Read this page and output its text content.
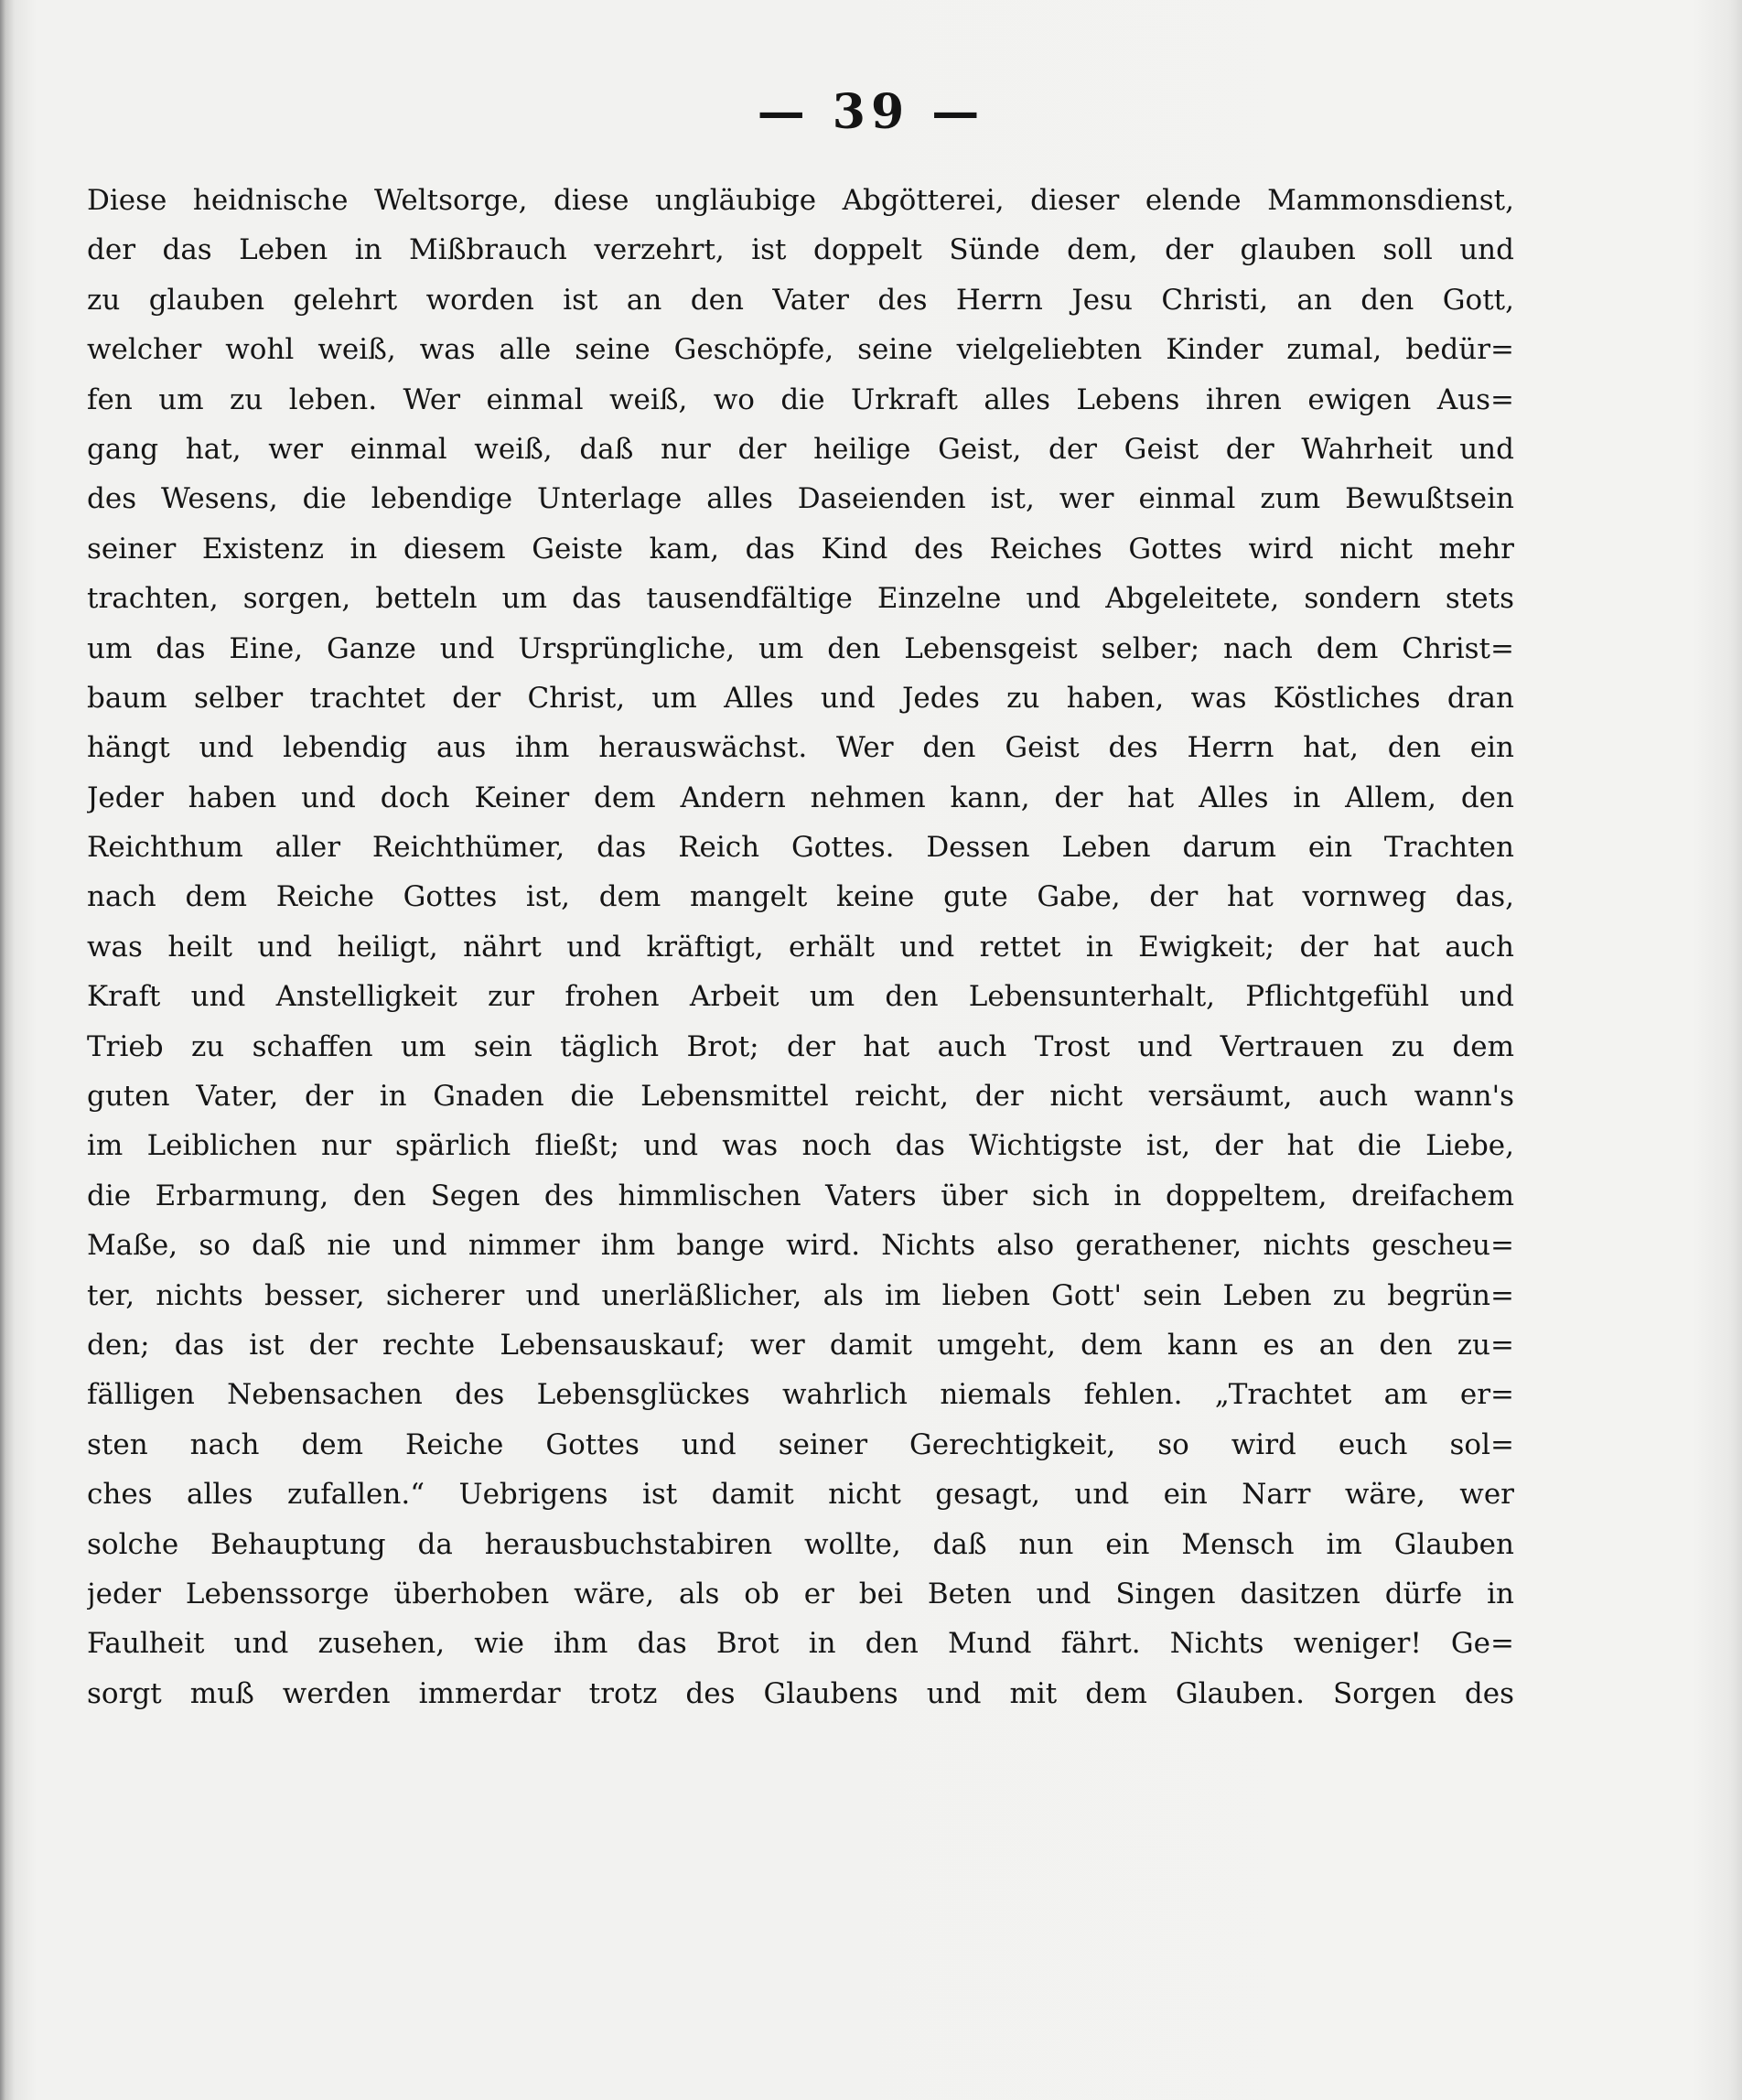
— 39 —
Diese heidnische Weltsorge, diese ungläubige Abgötterei, dieser elende Mammonsdienst,
der das Leben in Mißbrauch verzehrt, ist doppelt Sünde dem, der glauben soll und
zu glauben gelehrt worden ist an den Vater des Herrn Jesu Christi, an den Gott,
welcher wohl weiß, was alle seine Geschöpfe, seine vielgeliebten Kinder zumal, bedür=
fen um zu leben. Wer einmal weiß, wo die Urkraft alles Lebens ihren ewigen Aus=
gang hat, wer einmal weiß, daß nur der heilige Geist, der Geist der Wahrheit und
des Wesens, die lebendige Unterlage alles Daseienden ist, wer einmal zum Bewußtsein
seiner Existenz in diesem Geiste kam, das Kind des Reiches Gottes wird nicht mehr
trachten, sorgen, betteln um das tausendfältige Einzelne und Abgeleitete, sondern stets
um das Eine, Ganze und Ursprüngliche, um den Lebensgeist selber; nach dem Christ=
baum selber trachtet der Christ, um Alles und Jedes zu haben, was Köstliches dran
hängt und lebendig aus ihm herauswächst. Wer den Geist des Herrn hat, den ein
Jeder haben und doch Keiner dem Andern nehmen kann, der hat Alles in Allem, den
Reichthum aller Reichthümer, das Reich Gottes. Dessen Leben darum ein Trachten
nach dem Reiche Gottes ist, dem mangelt keine gute Gabe, der hat vornweg das,
was heilt und heiligt, nährt und kräftigt, erhält und rettet in Ewigkeit; der hat auch
Kraft und Anstelligkeit zur frohen Arbeit um den Lebensunterhalt, Pflichtgefühl und
Trieb zu schaffen um sein täglich Brot; der hat auch Trost und Vertrauen zu dem
guten Vater, der in Gnaden die Lebensmittel reicht, der nicht versäumt, auch wann's
im Leiblichen nur spärlich fließt; und was noch das Wichtigste ist, der hat die Liebe,
die Erbarmung, den Segen des himmlischen Vaters über sich in doppeltem, dreifachem
Maße, so daß nie und nimmer ihm bange wird. Nichts also gerathener, nichts gescheu=
ter, nichts besser, sicherer und unerläßlicher, als im lieben Gott' sein Leben zu begrün=
den; das ist der rechte Lebensauskauf; wer damit umgeht, dem kann es an den zu=
fälligen Nebensachen des Lebensglückes wahrlich niemals fehlen. „Trachtet am er=
sten nach dem Reiche Gottes und seiner Gerechtigkeit, so wird euch sol=
ches alles zufallen.“ Uebrigens ist damit nicht gesagt, und ein Narr wäre, wer
solche Behauptung da herausbuchstabiren wollte, daß nun ein Mensch im Glauben
jeder Lebenssorge überhoben wäre, als ob er bei Beten und Singen dasitzen dürfe in
Faulheit und zusehen, wie ihm das Brot in den Mund fährt. Nichts weniger! Ge=
sorgt muß werden immerdar trotz des Glaubens und mit dem Glauben. Sorgen des
